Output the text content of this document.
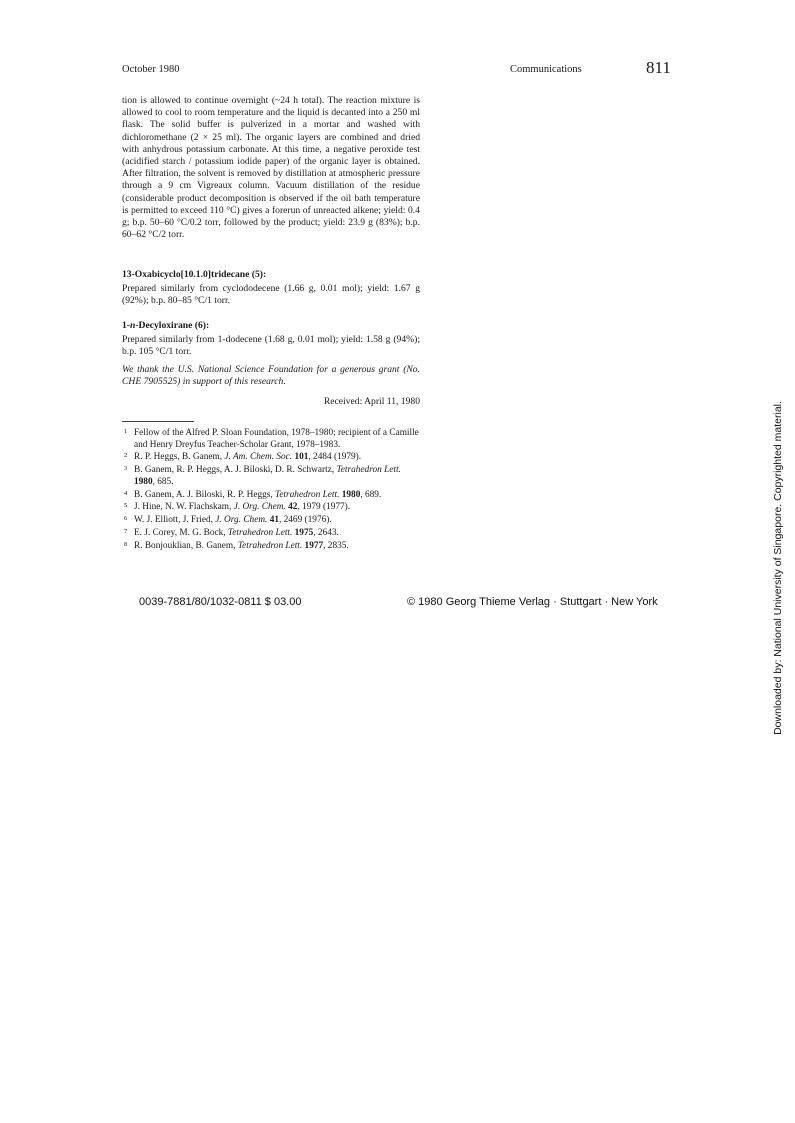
October 1980	Communications	811

tion is allowed to continue overnight (~24 h total). The reaction mixture is allowed to cool to room temperature and the liquid is decanted into a 250 ml flask. The solid buffer is pulverized in a mortar and washed with dichloromethane (2 × 25 ml). The organic layers are combined and dried with anhydrous potassium carbonate. At this time, a negative peroxide test (acidified starch / potassium iodide paper) of the organic layer is obtained. After filtration, the solvent is removed by distillation at atmospheric pressure through a 9 cm Vigreaux column. Vacuum distillation of the residue (considerable product decomposition is observed if the oil bath temperature is permitted to exceed 110 °C) gives a forerun of unreacted alkene; yield: 0.4 g; b.p. 50–60 °C/0.2 torr, followed by the product; yield: 23.9 g (83%); b.p. 60–62 °C/2 torr.

13-Oxabicyclo[10.1.0]tridecane (5):
Prepared similarly from cyclododecene (1.66 g, 0.01 mol); yield: 1.67 g (92%); b.p. 80–85 °C/1 torr.
1-n-Decyloxirane (6):
Prepared similarly from 1-dodecene (1.68 g, 0.01 mol); yield: 1.58 g (94%); b.p. 105 °C/1 torr.
We thank the U.S. National Science Foundation for a generous grant (No. CHE 7905525) in support of this research.
Received: April 11, 1980
1 Fellow of the Alfred P. Sloan Foundation, 1978–1980; recipient of a Camille and Henry Dreyfus Teacher-Scholar Grant, 1978–1983.
2 R. P. Heggs, B. Ganem, J. Am. Chem. Soc. 101, 2484 (1979).
3 B. Ganem, R. P. Heggs, A. J. Biloski, D. R. Schwartz, Tetrahedron Lett. 1980, 685.
4 B. Ganem, A. J. Biloski, R. P. Heggs, Tetrahedron Lett. 1980, 689.
5 J. Hine, N. W. Flachskam, J. Org. Chem. 42, 1979 (1977).
6 W. J. Elliott, J. Fried, J. Org. Chem. 41, 2469 (1976).
7 E. J. Corey, M. G. Bock, Tetrahedron Lett. 1975, 2643.
8 R. Bonjouklian, B. Ganem, Tetrahedron Lett. 1977, 2835.
0039-7881/80/1032-0811 $ 03.00	© 1980 Georg Thieme Verlag · Stuttgart · New York	Downloaded by: National University of Singapore. Copyrighted material.
